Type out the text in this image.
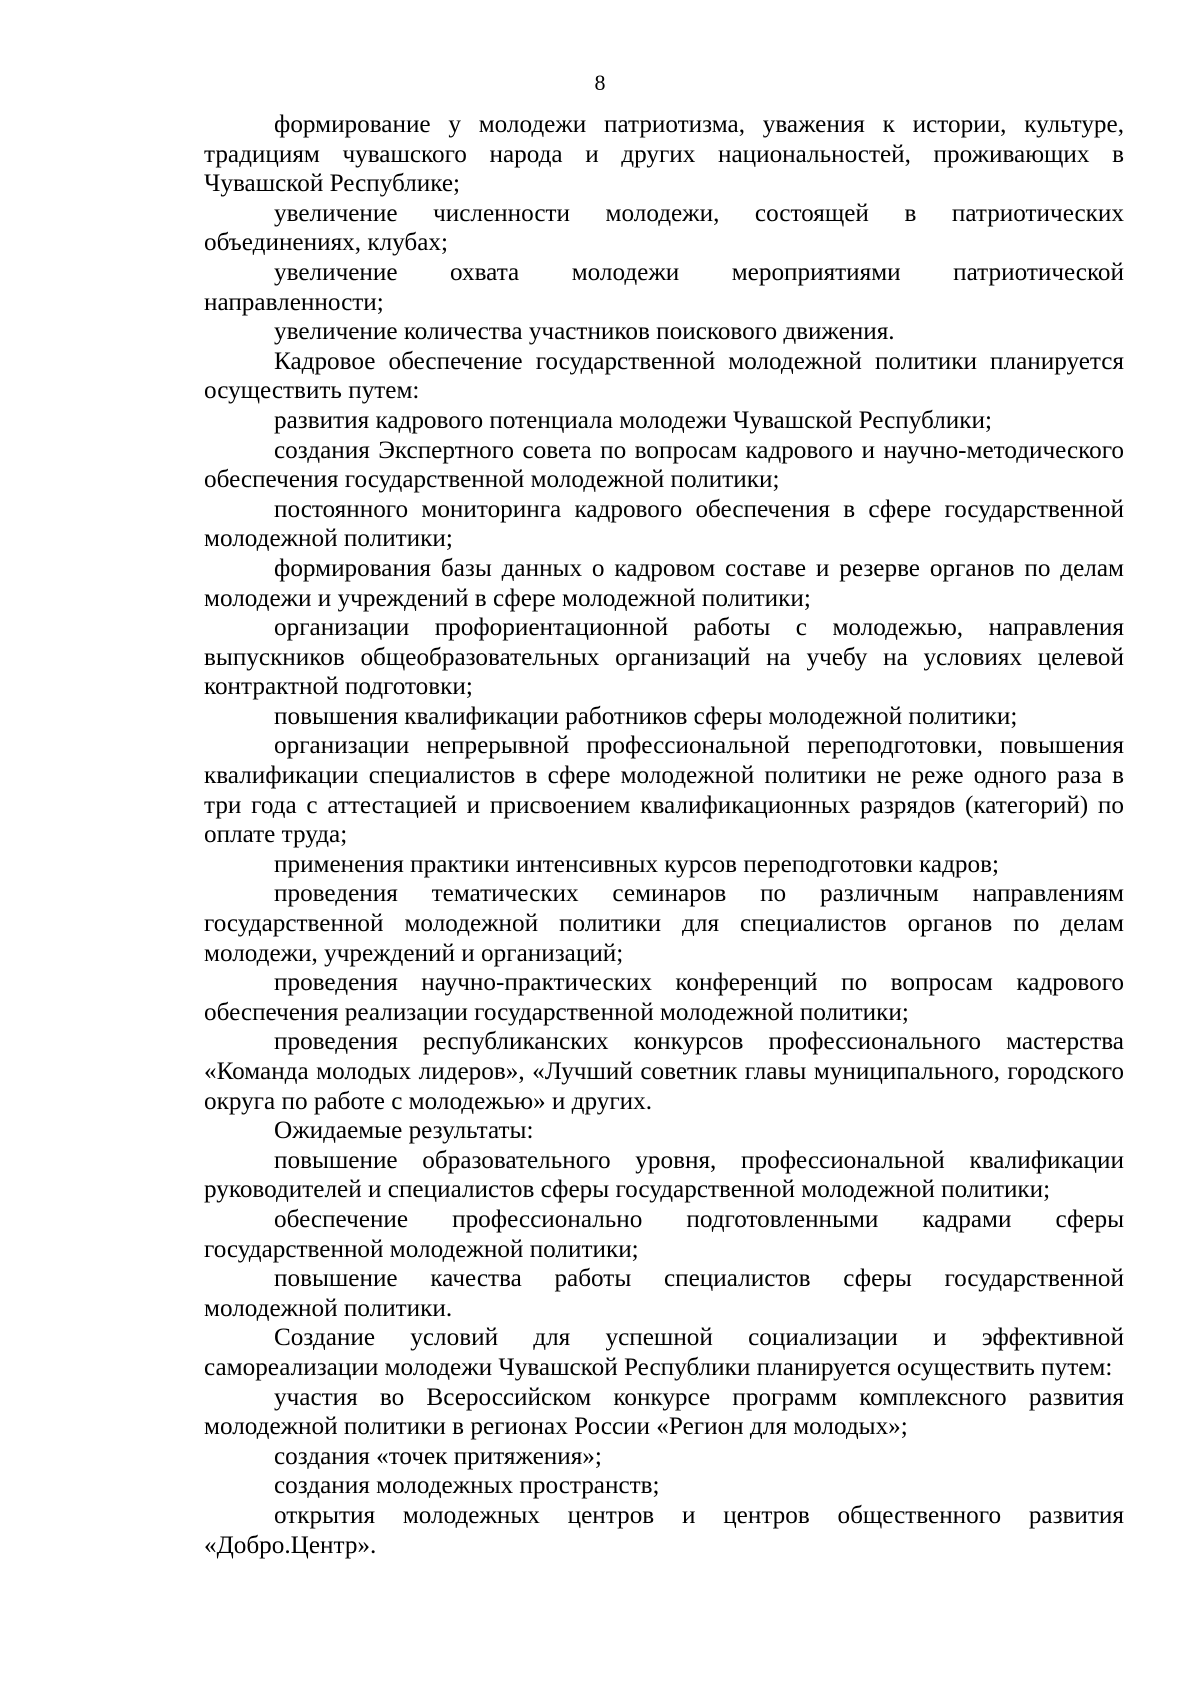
8

формирование у молодежи патриотизма, уважения к истории, культуре, традициям чувашского народа и других национальностей, проживающих в Чувашской Республике;

увеличение численности молодежи, состоящей в патриотических объединениях, клубах;

увеличение охвата молодежи мероприятиями патриотической направленности;

увеличение количества участников поискового движения.

Кадровое обеспечение государственной молодежной политики планируется осуществить путем:

развития кадрового потенциала молодежи Чувашской Республики;

создания Экспертного совета по вопросам кадрового и научно-методического обеспечения государственной молодежной политики;

постоянного мониторинга кадрового обеспечения в сфере государственной молодежной политики;

формирования базы данных о кадровом составе и резерве органов по делам молодежи и учреждений в сфере молодежной политики;

организации профориентационной работы с молодежью, направления выпускников общеобразовательных организаций на учебу на условиях целевой контрактной подготовки;

повышения квалификации работников сферы молодежной политики;

организации непрерывной профессиональной переподготовки, повышения квалификации специалистов в сфере молодежной политики не реже одного раза в три года с аттестацией и присвоением квалификационных разрядов (категорий) по оплате труда;

применения практики интенсивных курсов переподготовки кадров;

проведения тематических семинаров по различным направлениям государственной молодежной политики для специалистов органов по делам молодежи, учреждений и организаций;

проведения научно-практических конференций по вопросам кадрового обеспечения реализации государственной молодежной политики;

проведения республиканских конкурсов профессионального мастерства «Команда молодых лидеров», «Лучший советник главы муниципального, городского округа по работе с молодежью» и других.

Ожидаемые результаты:

повышение образовательного уровня, профессиональной квалификации руководителей и специалистов сферы государственной молодежной политики;

обеспечение профессионально подготовленными кадрами сферы государственной молодежной политики;

повышение качества работы специалистов сферы государственной молодежной политики.

Создание условий для успешной социализации и эффективной самореализации молодежи Чувашской Республики планируется осуществить путем:

участия во Всероссийском конкурсе программ комплексного развития молодежной политики в регионах России «Регион для молодых»;

создания «точек притяжения»;

создания молодежных пространств;

открытия молодежных центров и центров общественного развития «Добро.Центр».
